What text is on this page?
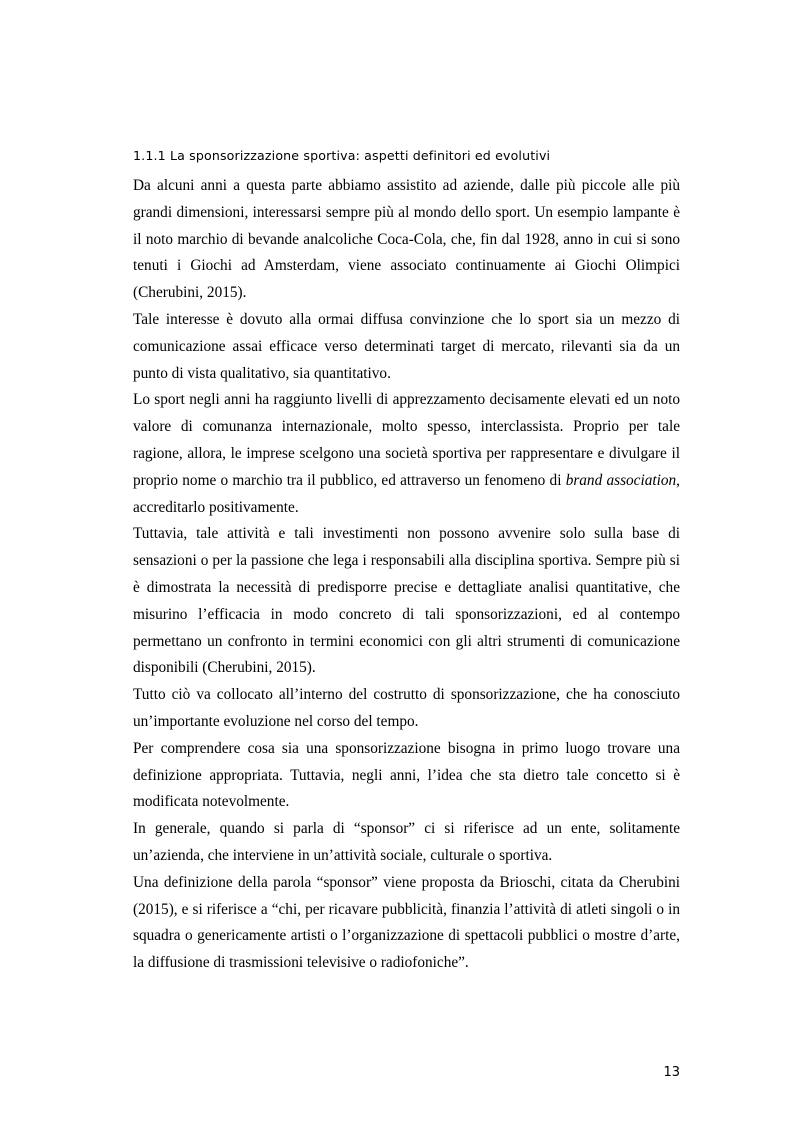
1.1.1 La sponsorizzazione sportiva: aspetti definitori ed evolutivi

Da alcuni anni a questa parte abbiamo assistito ad aziende, dalle più piccole alle più grandi dimensioni, interessarsi sempre più al mondo dello sport. Un esempio lampante è il noto marchio di bevande analcoliche Coca-Cola, che, fin dal 1928, anno in cui si sono tenuti i Giochi ad Amsterdam, viene associato continuamente ai Giochi Olimpici (Cherubini, 2015).

Tale interesse è dovuto alla ormai diffusa convinzione che lo sport sia un mezzo di comunicazione assai efficace verso determinati target di mercato, rilevanti sia da un punto di vista qualitativo, sia quantitativo.

Lo sport negli anni ha raggiunto livelli di apprezzamento decisamente elevati ed un noto valore di comunanza internazionale, molto spesso, interclassista. Proprio per tale ragione, allora, le imprese scelgono una società sportiva per rappresentare e divulgare il proprio nome o marchio tra il pubblico, ed attraverso un fenomeno di brand association, accreditarlo positivamente.

Tuttavia, tale attività e tali investimenti non possono avvenire solo sulla base di sensazioni o per la passione che lega i responsabili alla disciplina sportiva. Sempre più si è dimostrata la necessità di predisporre precise e dettagliate analisi quantitative, che misurino l’efficacia in modo concreto di tali sponsorizzazioni, ed al contempo permettano un confronto in termini economici con gli altri strumenti di comunicazione disponibili (Cherubini, 2015).

Tutto ciò va collocato all’interno del costrutto di sponsorizzazione, che ha conosciuto un’importante evoluzione nel corso del tempo.

Per comprendere cosa sia una sponsorizzazione bisogna in primo luogo trovare una definizione appropriata. Tuttavia, negli anni, l’idea che sta dietro tale concetto si è modificata notevolmente.

In generale, quando si parla di “sponsor” ci si riferisce ad un ente, solitamente un’azienda, che interviene in un’attività sociale, culturale o sportiva.

Una definizione della parola “sponsor” viene proposta da Brioschi, citata da Cherubini (2015), e si riferisce a “chi, per ricavare pubblicità, finanzia l’attività di atleti singoli o in squadra o genericamente artisti o l’organizzazione di spettacoli pubblici o mostre d’arte, la diffusione di trasmissioni televisive o radiofoniche”.

13
